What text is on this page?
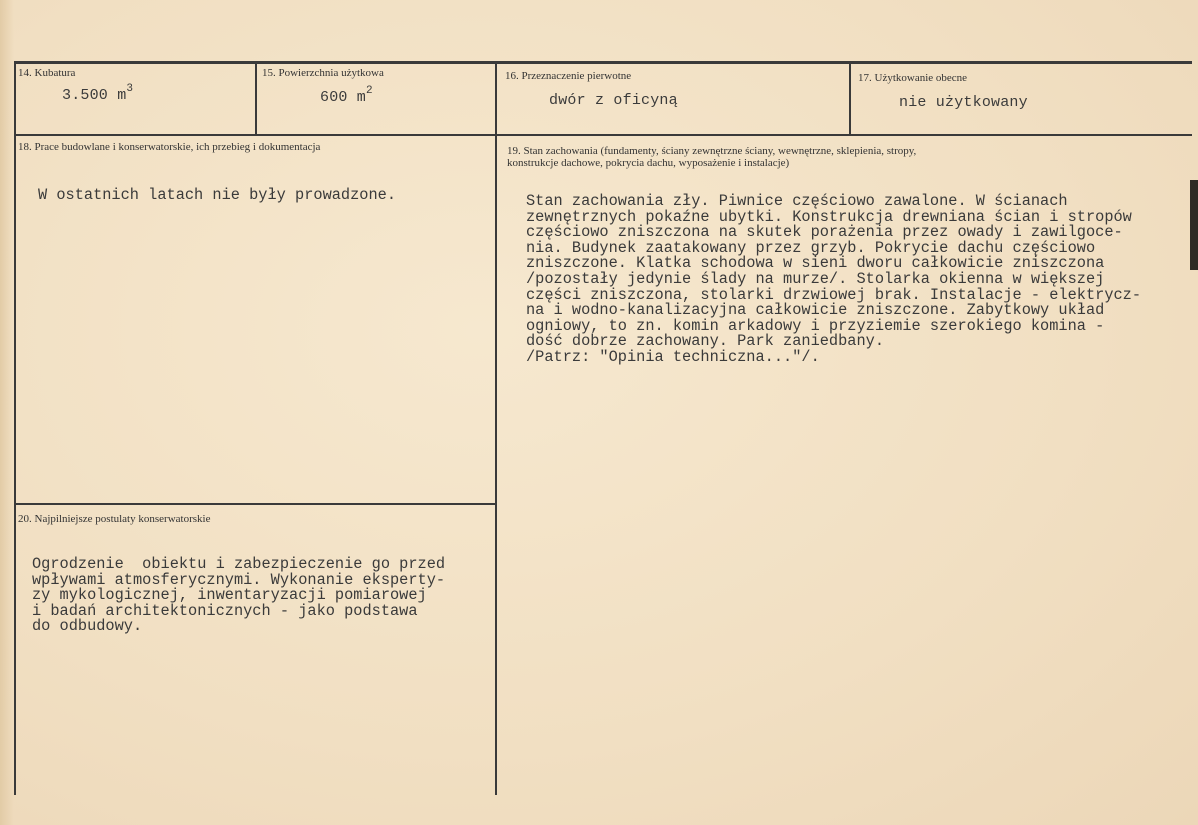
14. Kubatura
3.500 $m^3$
15. Powierzchnia użytkowa
600 $m^2$
16. Przeznaczenie pierwotne
dwór z oficyną
17. Użytkowanie obecne
nie użytkowany
18. Prace budowlane i konserwatorskie, ich przebieg i dokumentacja
W ostatnich latach nie były prowadzone.
19. Stan zachowania (fundamenty, ściany zewnętrzne ściany, wewnętrzne, sklepienia, stropy,
konstrukcje dachowe, pokrycia dachu, wyposażenie i instalacje)
Stan zachowania zły. Piwnice częściowo zawalone. W ścianach
zewnętrznych pokaźne ubytki. Konstrukcja drewniana ścian i stropów
częściowo zniszczona na skutek porażenia przez owady i zawilgoce-
nia. Budynek zaatakowany przez grzyb. Pokrycie dachu częściowo
zniszczone. Klatka schodowa w sieni dworu całkowicie zniszczona
/pozostały jedynie ślady na murze/. Stolarka okienna w większej
części zniszczona, stolarki drzwiowej brak. Instalacje - elektrycz-
na i wodno-kanalizacyjna całkowicie zniszczone. Zabytkowy układ
ogniowy, to zn. komin arkadowy i przyziemie szerokiego komina -
dość dobrze zachowany. Park zaniedbany.
/Patrz: "Opinia techniczna..."/.
20. Najpilniejsze postulaty konserwatorskie
Ogrodzenie  obiektu i zabezpieczenie go przed
wpływami atmosferycznymi. Wykonanie eksperty-
zy mykologicznej, inwentaryzacji pomiarowej
i badań architektonicznych - jako podstawa
do odbudowy.
